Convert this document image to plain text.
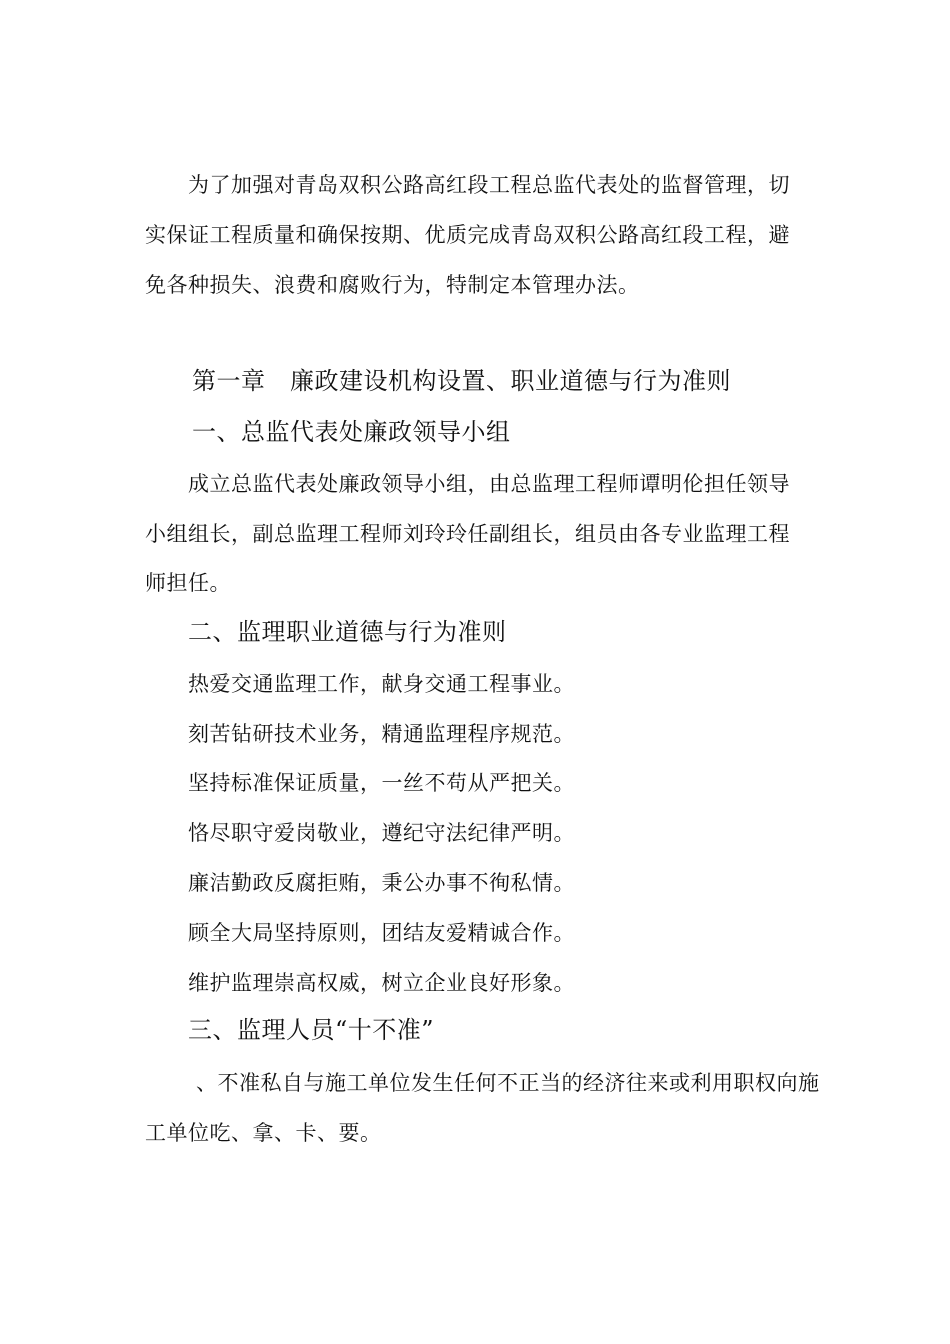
为了加强对青岛双积公路高红段工程总监代表处的监督管理，切
实保证工程质量和确保按期、优质完成青岛双积公路高红段工程，避
免各种损失、浪费和腐败行为，特制定本管理办法。
第一章　廉政建设机构设置、职业道德与行为准则
一、总监代表处廉政领导小组
成立总监代表处廉政领导小组，由总监理工程师谭明伦担任领导
小组组长，副总监理工程师刘玲玲任副组长，组员由各专业监理工程
师担任。
二、监理职业道德与行为准则
热爱交通监理工作，献身交通工程事业。
刻苦钻研技术业务，精通监理程序规范。
坚持标准保证质量，一丝不苟从严把关。
恪尽职守爱岗敬业，遵纪守法纪律严明。
廉洁勤政反腐拒贿，秉公办事不徇私情。
顾全大局坚持原则，团结友爱精诚合作。
维护监理崇高权威，树立企业良好形象。
三、监理人员“十不准”
、不准私自与施工单位发生任何不正当的经济往来或利用职权向施
工单位吃、拿、卡、要。
